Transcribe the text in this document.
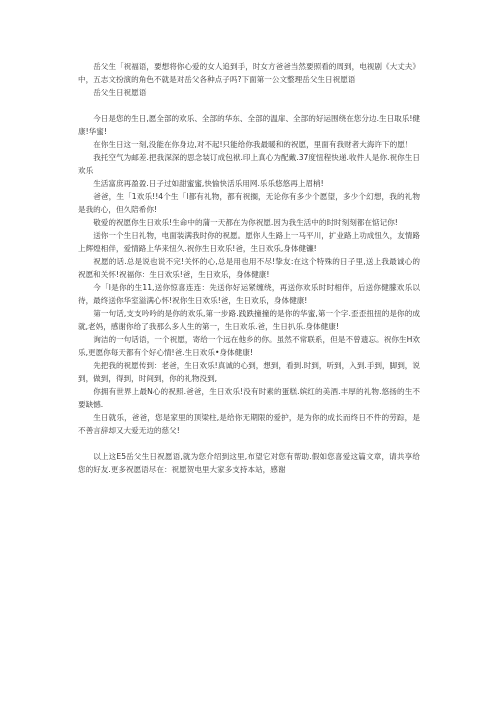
岳父生「祝福语，要想将你心爱的女人追到手，时女方爸爸当然要照看的周到，电视剧《大丈夫》中，五志文扮演的角色不就是对岳父各种点子吗?下面第一公文整理岳父生日祝愿语

岳父生日祝愿语

今日是您的生日,愿全部的欢乐、全部的华东、全部的温扉、全部的好运围绕在您分边.生日取乐!健康!华蜜!

在你生日这一刻,没能在你身边,对不起!只能给你我最暖和的祝愿，里面有我财者大海许下的愿！

我托空气为邮差.把我深深的思念装订成包袱.印上真心为配戴.37度忸程快递.收件人是你.祝你生日欢乐

生活富庶再盈盈.日子过如甜蜜蜜,快愉快活乐用网.乐乐悠悠再上眉梢!

爸爸，生「1欢乐!!4个生「l都有礼物，都有祝搁，无论你有多少个愿望，多少个幻想，我的礼物是我的心，但久陪希你!

敬爱的祝愿你生日欢乐!生命中的蒲一天都在为你祝愿.因为我生活中的时时刻刻都在惦记你!

送你一个生日礼物，电面装满我时你的祝愿。愿你人生路上一马平川，扩业路上功成忸久，友情路上辉煌相伴，爱情路上华来忸久.祝你生日欢乐!爸，生日欢乐,身体健镰!

祝愿的话.总是说也说不完!关怀的心,总是用也用不尽!挚友:在这个特殊的日子里,送上我最诚心的祝愿和关怀!祝福你：生日欢乐!爸，生日欢乐，身体健康!

今「l是你的生11,送你惊喜连连：先送你好运紧缠绕，再送你欢乐时时相伴，后送你健朦欢乐以待，最终送你华室溢满心怀!祝你生日欢乐!爸，生日欢乐，身体健康!

第一句话,支支吟吟的是你的欢乐,第一步路.践跌撞撞的是你的华蜜,第一个字.歪歪扭扭的是你的成就,老妈，感谢你给了我那么多人生的第一，生日欢乐.爸，生日扒乐.身体健康!

询洁的一句话语，一个祝愿，寄给一个远在他乡的你。虽然不常联系，但是不曾遗忘。祝你生H欢乐,更愿你每天都有个好心情!爸.生日欢乐•身体健康!

先把我的祝愿传到：老爸，生日欢乐!真诚的心到，想到，看到.时到，听到，入到.手到，脚到，说到，做到，得到，时间到，你的礼物没到,

你拥有世界上最N心的祝照.爸爸，生日欢乐!没有时素的蛋糕.嫔红的美酒.丰厚的礼物.悠扬的生不要缺憾.

生日就乐，爸爸，您是家里的顶梁柱,是给你无期限的爱护，是为你的成长而终日不件的劳踪，是不善言辞却又大爱无边的慈父!

以上这E5岳父生日祝愿语,就为您介绍到这里,布望它对您有帮助.假如您喜爱这篇文章，请共享给您的好友.更多祝愿语尽在：祝愿贺电里大家多支持本站，感谢
